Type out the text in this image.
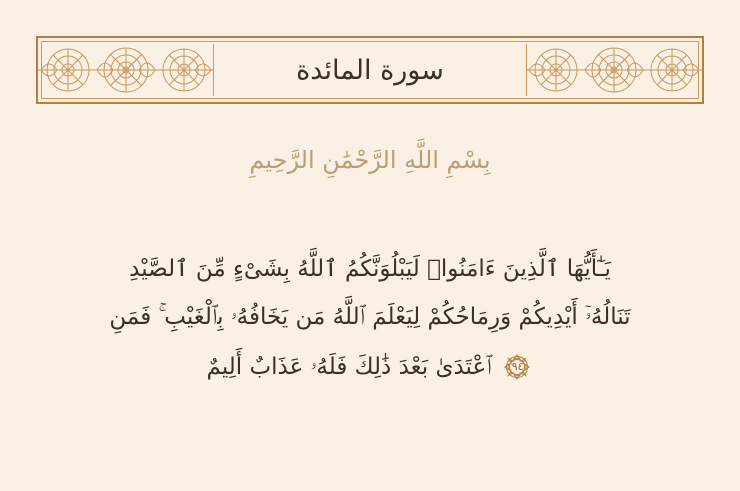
سورة المائدة
بِسْمِ اللَّهِ الرَّحْمَٰنِ الرَّحِيمِ
يَـٰٓأَيُّهَا ٱلَّذِينَ ءَامَنُوا۟ لَيَبْلُوَنَّكُمُ ٱللَّهُ بِشَىْءٍ مِّنَ ٱلصَّيْدِ
تَنَالُهُۥٓ أَيْدِيكُمْ وَرِمَاحُكُمْ لِيَعْلَمَ ٱللَّهُ مَن يَخَافُهُۥ بِٱلْغَيْبِ ۚ فَمَنِ
٩٤
ٱعْتَدَىٰ بَعْدَ ذَٰلِكَ فَلَهُۥ عَذَابٌ أَلِيمٌ
